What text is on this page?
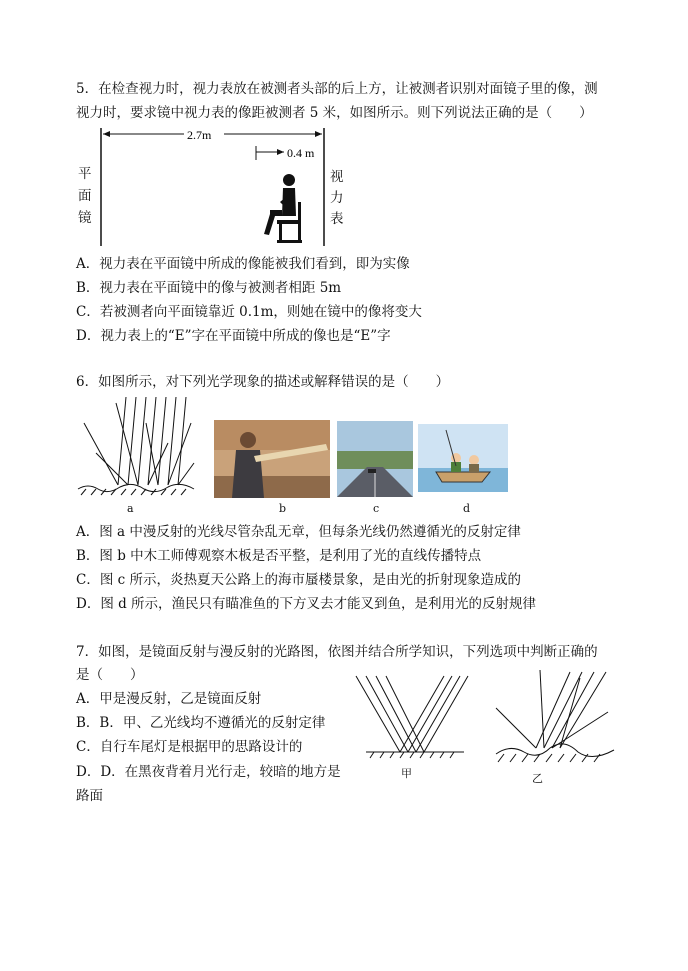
5．在检查视力时，视力表放在被测者头部的后上方，让被测者识别对面镜子里的像，测
视力时，要求镜中视力表的像距被测者 5 米，如图所示。则下列说法正确的是（　　）
2.7m
0.4 m
平
面
镜
视
力
表
A．视力表在平面镜中所成的像能被我们看到，即为实像
B．视力表在平面镜中的像与被测者相距 5m
C．若被测者向平面镜靠近 0.1m，则她在镜中的像将变大
D．视力表上的“E”字在平面镜中所成的像也是“E”字
6．如图所示，对下列光学现象的描述或解释错误的是（　　）
a	b	c	d
A．图 a 中漫反射的光线尽管杂乱无章，但每条光线仍然遵循光的反射定律
B．图 b 中木工师傅观察木板是否平整，是利用了光的直线传播特点
C．图 c 所示，炎热夏天公路上的海市蜃楼景象，是由光的折射现象造成的
D．图 d 所示，渔民只有瞄准鱼的下方叉去才能叉到鱼，是利用光的反射规律
7．如图，是镜面反射与漫反射的光路图，依图并结合所学知识，下列选项中判断正确的
是（　　）
A．甲是漫反射，乙是镜面反射
B．B．甲、乙光线均不遵循光的反射定律
C．自行车尾灯是根据甲的思路设计的
D．D．在黑夜背着月光行走，较暗的地方是
路面
甲	乙
